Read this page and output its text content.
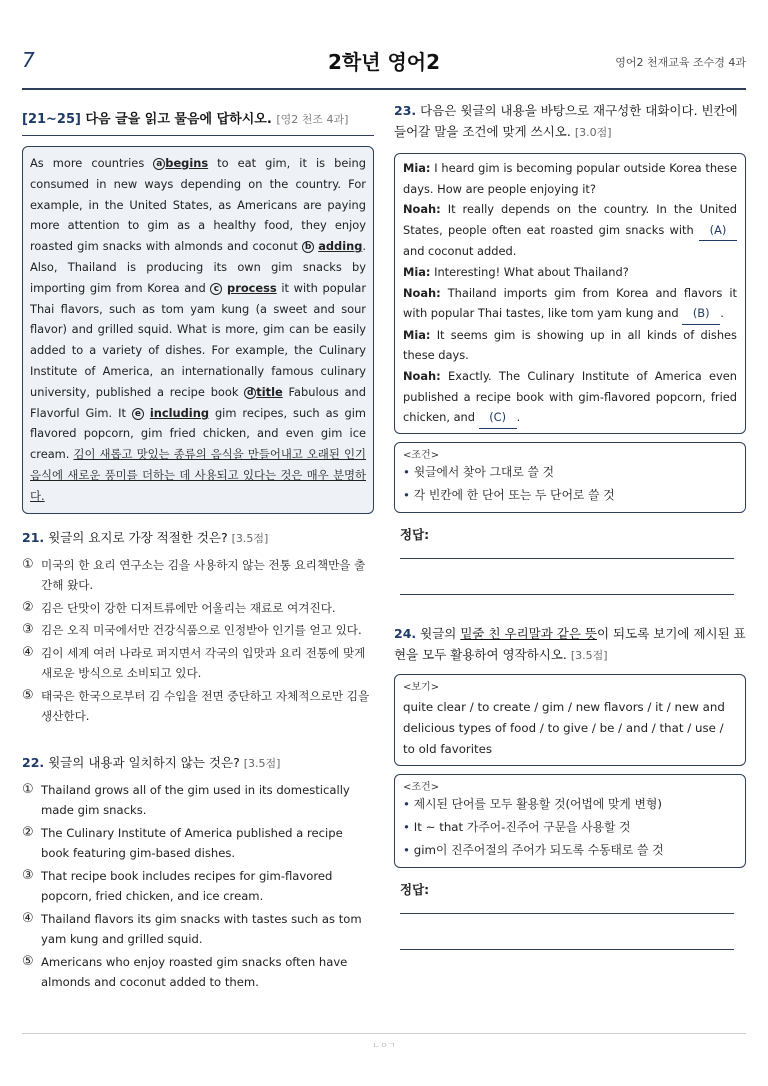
7	2학년 영어2	영어2 천재교육 조수경 4과
[21~25] 다음 글을 읽고 물음에 답하시오. [영2 천조 4과]
As more countries a begins to eat gim, it is being consumed in new ways depending on the country. For example, in the United States, as Americans are paying more attention to gim as a healthy food, they enjoy roasted gim snacks with almonds and coconut b adding. Also, Thailand is producing its own gim snacks by importing gim from Korea and c process it with popular Thai flavors, such as tom yam kung (a sweet and sour flavor) and grilled squid. What is more, gim can be easily added to a variety of dishes. For example, the Culinary Institute of America, an internationally famous culinary university, published a recipe book d title Fabulous and Flavorful Gim. It e including gim recipes, such as gim flavored popcorn, gim fried chicken, and even gim ice cream. 김이 새롭고 맛있는 종류의 음식을 만들어내고 오래된 인기 음식에 새로운 풍미를 더하는 데 사용되고 있다는 것은 매우 분명하다.
21. 윗글의 요지로 가장 적절한 것은? [3.5점]
① 미국의 한 요리 연구소는 김을 사용하지 않는 전통 요리책만을 출간해 왔다.
② 김은 단맛이 강한 디저트류에만 어울리는 재료로 여겨진다.
③ 김은 오직 미국에서만 건강식품으로 인정받아 인기를 얻고 있다.
④ 김이 세계 여러 나라로 퍼지면서 각국의 입맛과 요리 전통에 맞게 새로운 방식으로 소비되고 있다.
⑤ 태국은 한국으로부터 김 수입을 전면 중단하고 자체적으로만 김을 생산한다.
22. 윗글의 내용과 일치하지 않는 것은? [3.5점]
① Thailand grows all of the gim used in its domestically made gim snacks.
② The Culinary Institute of America published a recipe book featuring gim-based dishes.
③ That recipe book includes recipes for gim-flavored popcorn, fried chicken, and ice cream.
④ Thailand flavors its gim snacks with tastes such as tom yam kung and grilled squid.
⑤ Americans who enjoy roasted gim snacks often have almonds and coconut added to them.
23. 다음은 윗글의 내용을 바탕으로 재구성한 대화이다. 빈칸에 들어갈 말을 조건에 맞게 쓰시오. [3.0점]
Mia: I heard gim is becoming popular outside Korea these days. How are people enjoying it?
Noah: It really depends on the country. In the United States, people often eat roasted gim snacks with (A) and coconut added.
Mia: Interesting! What about Thailand?
Noah: Thailand imports gim from Korea and flavors it with popular Thai tastes, like tom yam kung and (B) .
Mia: It seems gim is showing up in all kinds of dishes these days.
Noah: Exactly. The Culinary Institute of America even published a recipe book with gim-flavored popcorn, fried chicken, and (C) .
<조건>
• 윗글에서 찾아 그대로 쓸 것
• 각 빈칸에 한 단어 또는 두 단어로 쓸 것
정답:
24. 윗글의 밑줄 친 우리말과 같은 뜻이 되도록 보기에 제시된 표현을 모두 활용하여 영작하시오. [3.5점]
<보기>
quite clear / to create / gim / new flavors / it / new and delicious types of food / to give / be / and / that / use / to old favorites
<조건>
• 제시된 단어를 모두 활용할 것(어법에 맞게 변형)
• It ~ that 가주어-진주어 구문을 사용할 것
• gim이 진주어절의 주어가 되도록 수동태로 쓸 것
정답:
ㄴㅇㄱ
